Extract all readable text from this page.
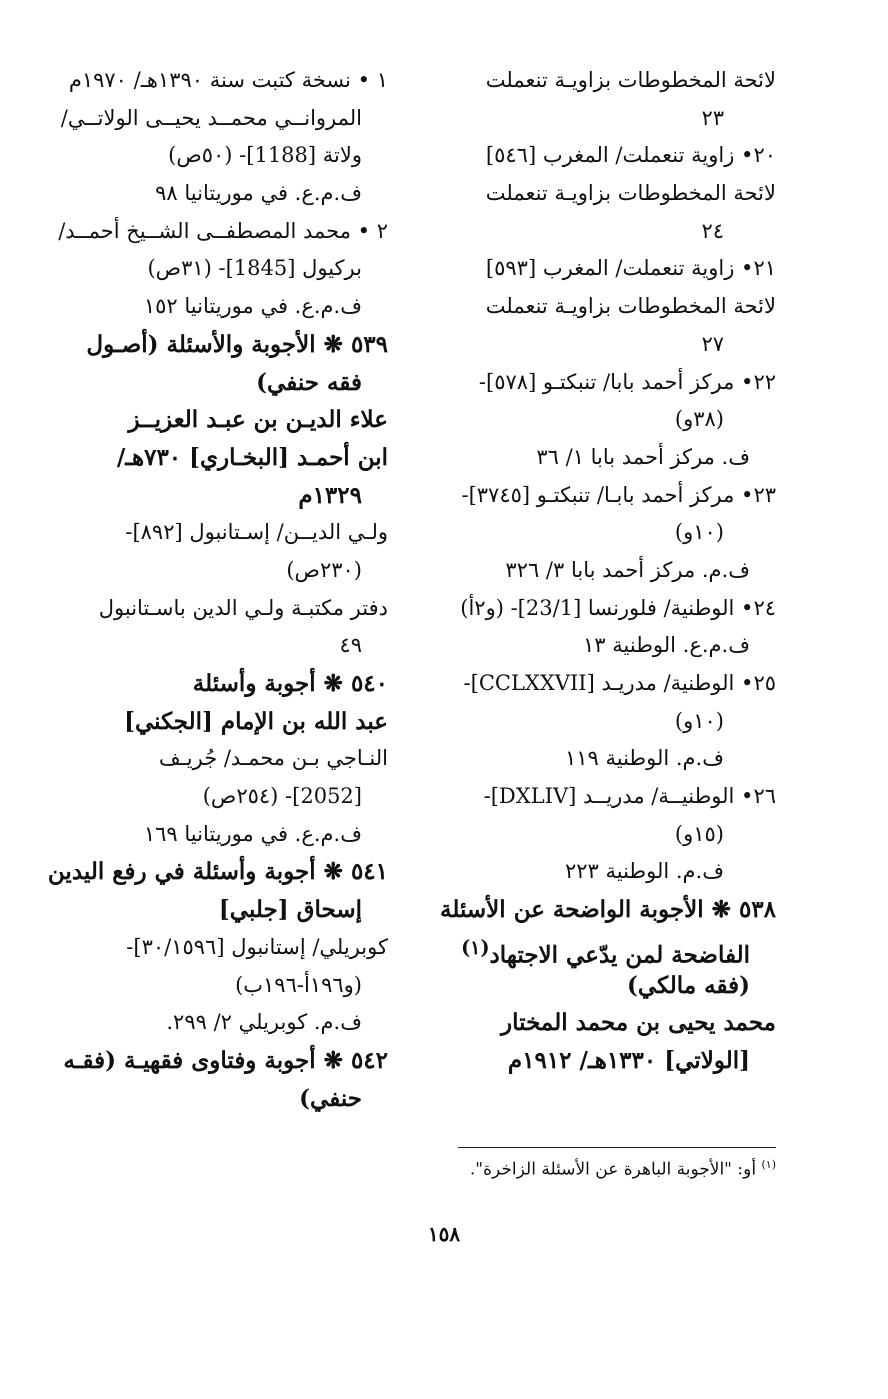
لائحة المخطوطات بزاويـة تنعملت
٢٣
٢٠• زاوية تنعملت/ المغرب [٥٤٦]
لائحة المخطوطات بزاويـة تنعملت
٢٤
٢١• زاوية تنعملت/ المغرب [٥٩٣]
لائحة المخطوطات بزاويـة تنعملت
٢٧
٢٢• مركز أحمد بابا/ تنبكتـو [٥٧٨]-
(٣٨و)
ف. مركز أحمد بابا ١/ ٣٦
٢٣• مركز أحمد بابـا/ تنبكتـو [٣٧٤٥]-
(١٠و)
ف.م. مركز أحمد بابا ٣/ ٣٢٦
٢٤• الوطنية/ فلورنسا [23/1]- (و٢أ)
ف.م.ع. الوطنية ١٣
٢٥• الوطنية/ مدريـد [CCLXXVII]-
(١٠و)
ف.م. الوطنية ١١٩
٢٦• الوطنيــة/ مدريــد [DXLIV]-
(١٥و)
ف.م. الوطنية ٢٢٣
٥٣٨ ❋ الأجوبة الواضحة عن الأسئلة
الفاضحة لمن يدّعي الاجتهاد$^{(١)}$
(فقه مالكي)
محمد يحيى بن محمد المختار
[الولاتي] ١٣٣٠هـ/ ١٩١٢م
١ • نسخة كتبت سنة ١٣٩٠هـ/ ١٩٧٠م
المروانــي محمــد يحيــى الولاتــي/
ولاتة [1188]- (٥٠ص)
ف.م.ع. في موريتانيا ٩٨
٢ • محمد المصطفــى الشــيخ أحمــد/
بركيول [1845]- (٣١ص)
ف.م.ع. في موريتانيا ١٥٢
٥٣٩ ❋ الأجوبة والأسئلة (أصـول
فقه حنفي)
علاء الديـن بن عبـد العزيــز
ابن أحمـد [البخـاري] ٧٣٠هـ/
١٣٢٩م
ولـي الديــن/ إسـتانبول [٨٩٢]-
(٢٣٠ص)
دفتر مكتبـة ولـي الدين باسـتانبول
٤٩
٥٤٠ ❋ أجوبة وأسئلة
عبد الله بن الإمام [الجكني]
النـاجي بـن محمـد/ جُريـف
[2052]- (٢٥٤ص)
ف.م.ع. في موريتانيا ١٦٩
٥٤١ ❋ أجوبة وأسئلة في رفع اليدين
إسحاق [جلبي]
كوبريلي/ إستانبول [٣٠/١٥٩٦]-
(و١٩٦أ-١٩٦ب)
ف.م. كوبريلي ٢/ ٢٩٩.
٥٤٢ ❋ أجوبة وفتاوى فقهيـة (فقـه
حنفي)
$^{(١)}$ أو: "الأجوبة الباهرة عن الأسئلة الزاخرة".
١٥٨
